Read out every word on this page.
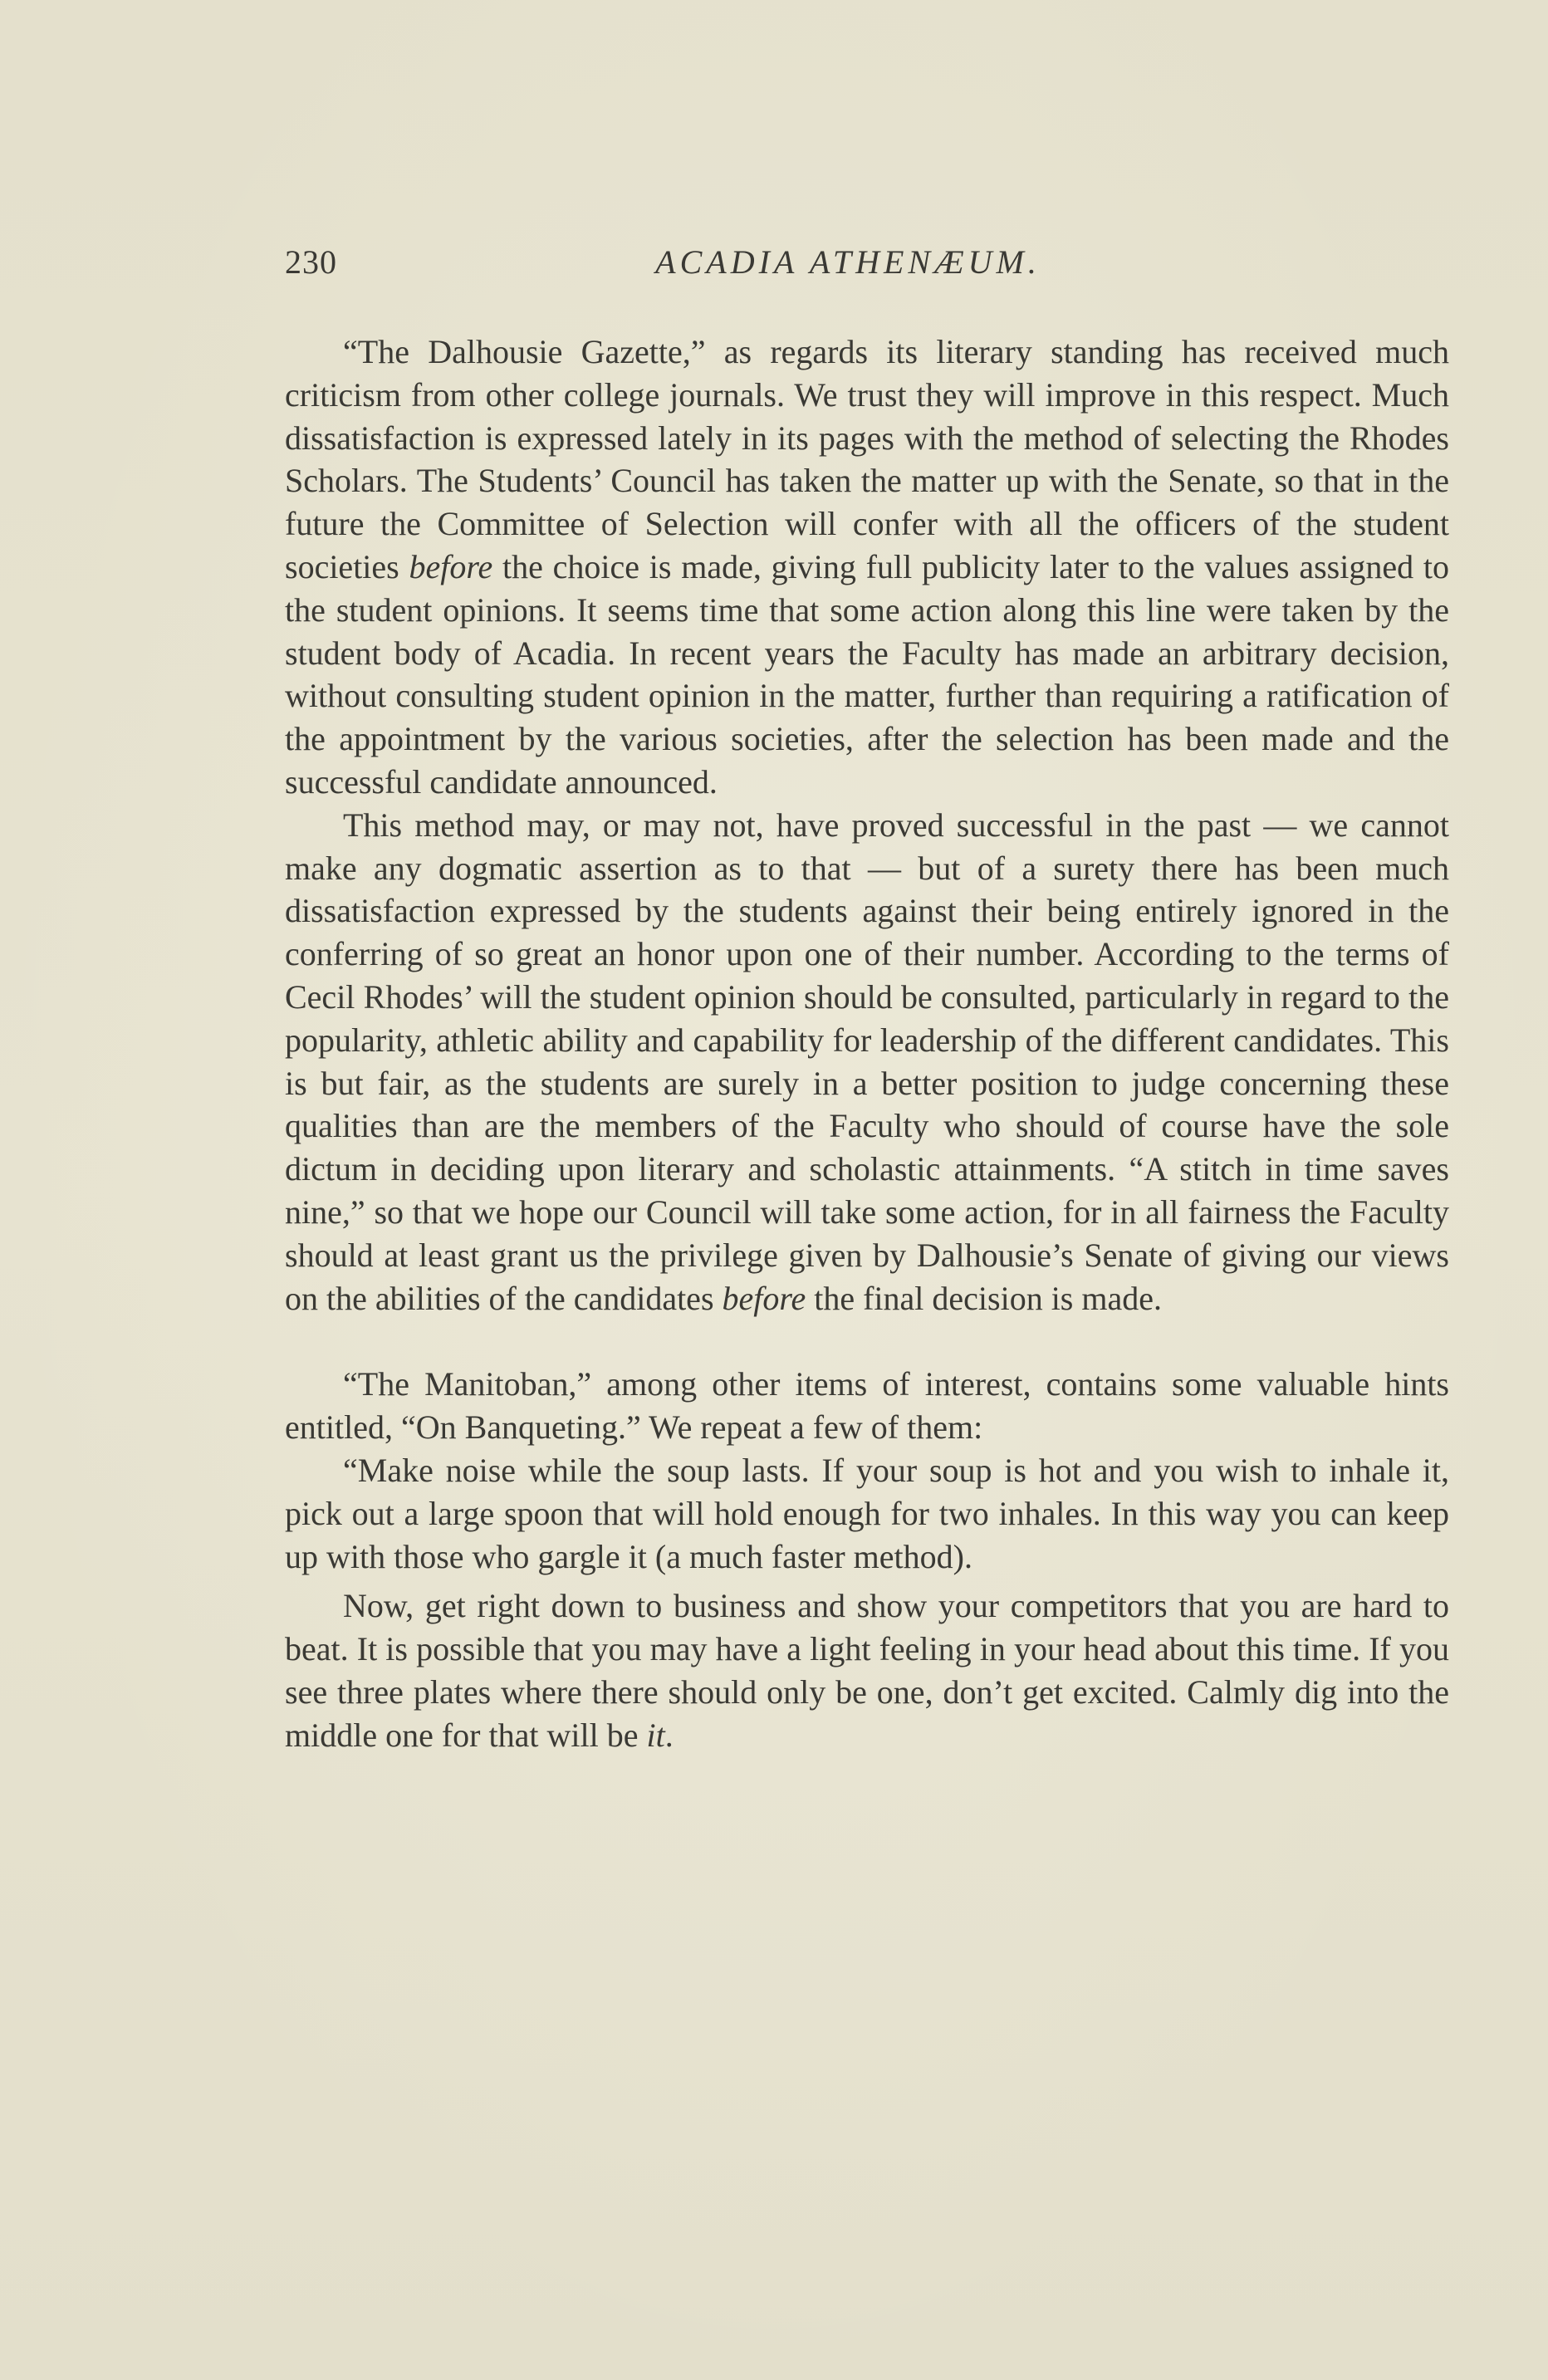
230	ACADIA ATHENÆUM.

“The Dalhousie Gazette,” as regards its literary standing has received much criticism from other college journals. We trust they will improve in this respect. Much dissatisfaction is expressed lately in its pages with the method of selecting the Rhodes Scholars. The Students’ Council has taken the matter up with the Senate, so that in the future the Committee of Selection will confer with all the officers of the student societies before the choice is made, giving full publicity later to the values assigned to the student opinions. It seems time that some action along this line were taken by the student body of Acadia. In recent years the Faculty has made an arbitrary decision, without consulting student opinion in the matter, further than requiring a ratification of the appointment by the various societies, after the selection has been made and the successful candidate announced.

This method may, or may not, have proved successful in the past — we cannot make any dogmatic assertion as to that — but of a surety there has been much dissatisfaction expressed by the students against their being entirely ignored in the conferring of so great an honor upon one of their number. According to the terms of Cecil Rhodes’ will the student opinion should be consulted, particularly in regard to the popularity, athletic ability and capability for leadership of the different candidates. This is but fair, as the students are surely in a better position to judge concerning these qualities than are the members of the Faculty who should of course have the sole dictum in deciding upon literary and scholastic attainments. “A stitch in time saves nine,” so that we hope our Council will take some action, for in all fairness the Faculty should at least grant us the privilege given by Dalhousie’s Senate of giving our views on the abilities of the candidates before the final decision is made.

“The Manitoban,” among other items of interest, contains some valuable hints entitled, “On Banqueting.” We repeat a few of them:

“Make noise while the soup lasts. If your soup is hot and you wish to inhale it, pick out a large spoon that will hold enough for two inhales. In this way you can keep up with those who gargle it (a much faster method).

Now, get right down to business and show your competitors that you are hard to beat. It is possible that you may have a light feeling in your head about this time. If you see three plates where there should only be one, don’t get excited. Calmly dig into the middle one for that will be it.
